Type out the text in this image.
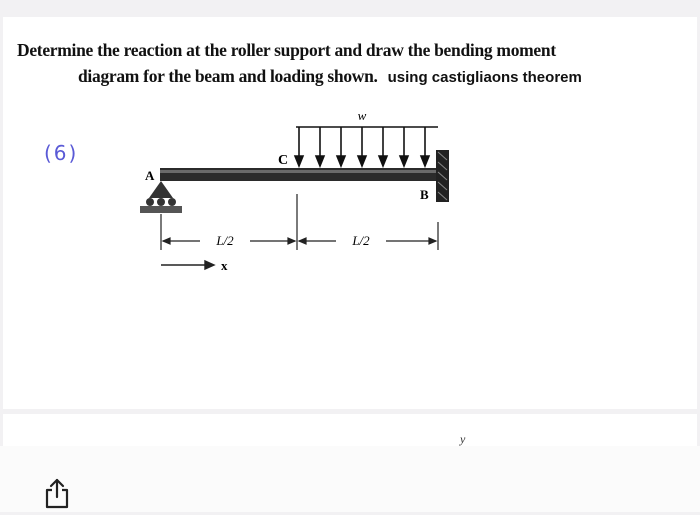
Determine the reaction at the roller support and draw the bending moment
diagram for the beam and loading shown. using castigliaons theorem
(6)
w
A
B
C
L/2	L/2
x
y
